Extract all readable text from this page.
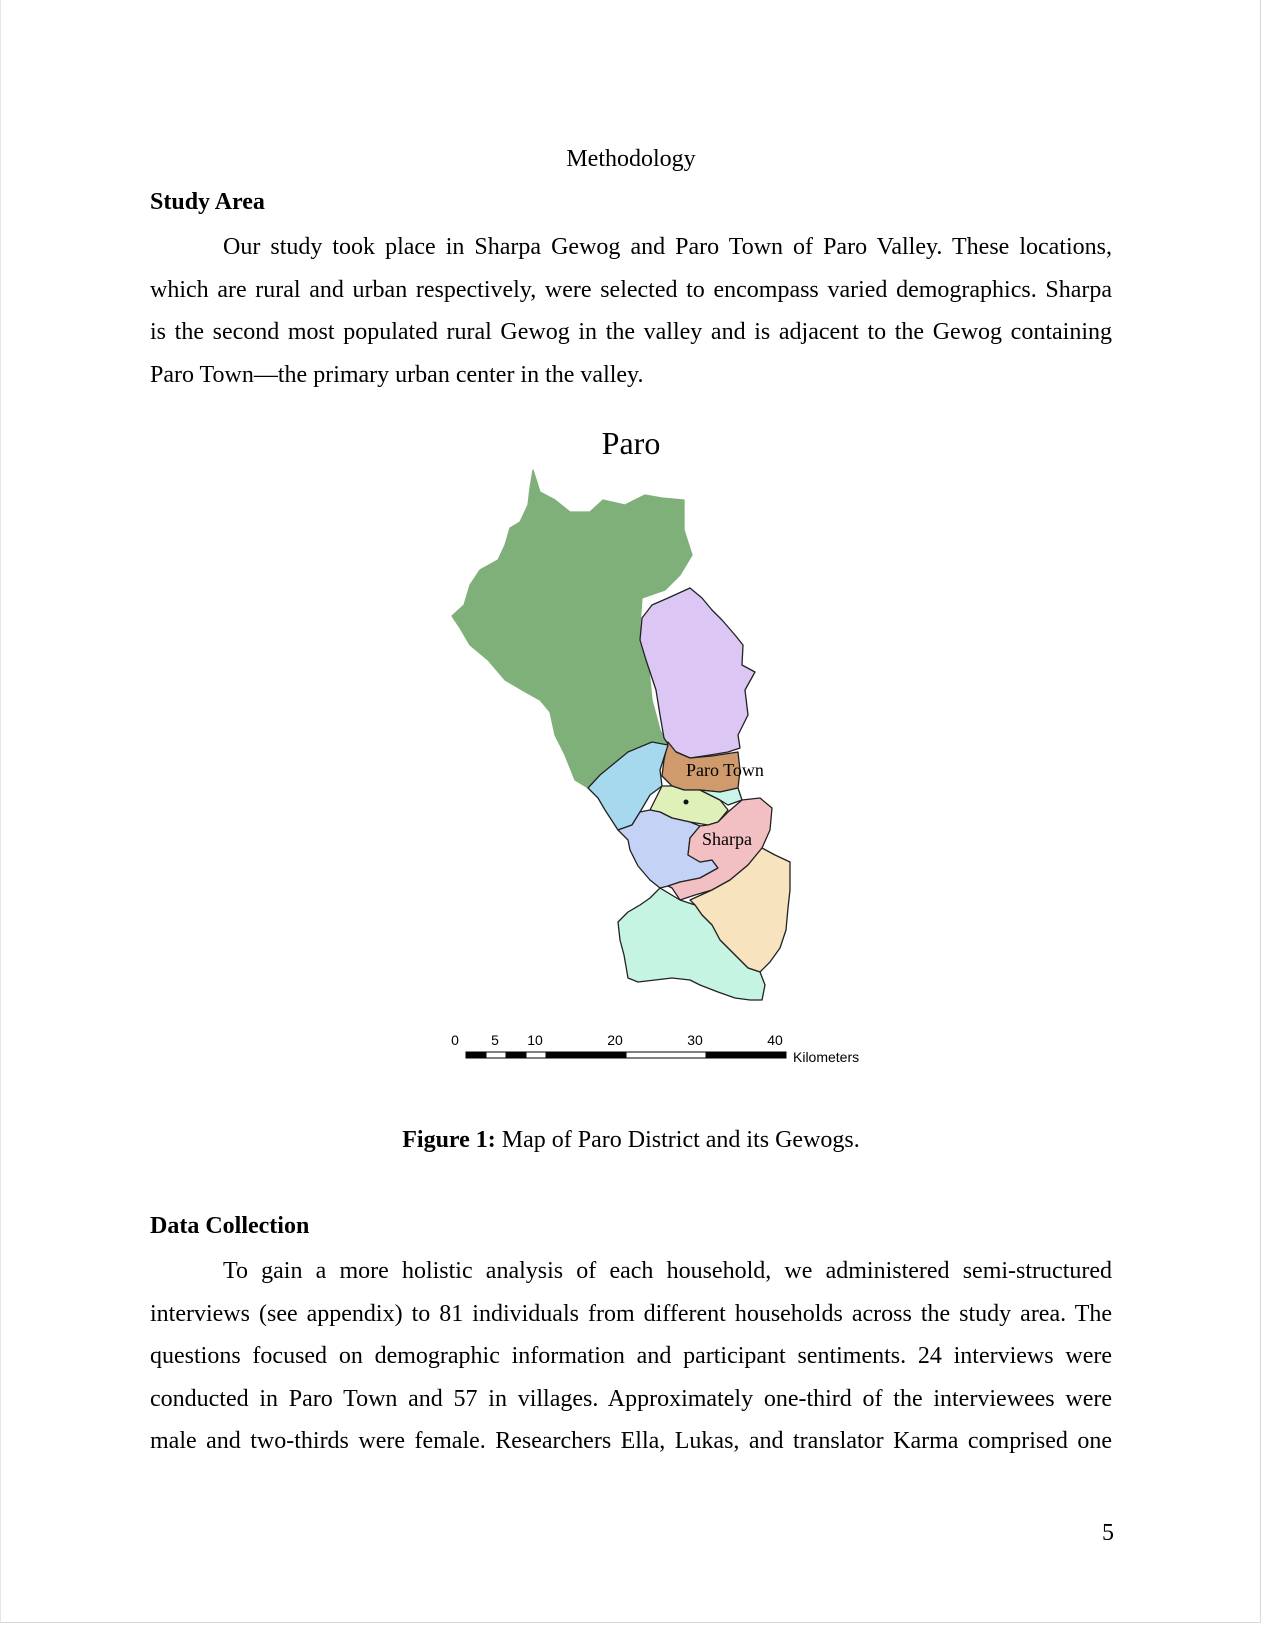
Methodology
Study Area
Our study took place in Sharpa Gewog and Paro Town of Paro Valley. These locations,
which are rural and urban respectively, were selected to encompass varied demographics. Sharpa
is the second most populated rural Gewog in the valley and is adjacent to the Gewog containing
Paro Town—the primary urban center in the valley.
Paro
Paro Town
Sharpa
0 5 10	20	30	40
Kilometers
Figure 1: Map of Paro District and its Gewogs.
Data Collection
To gain a more holistic analysis of each household, we administered semi-structured
interviews (see appendix) to 81 individuals from different households across the study area. The
questions focused on demographic information and participant sentiments. 24 interviews were
conducted in Paro Town and 57 in villages. Approximately one-third of the interviewees were
male and two-thirds were female. Researchers Ella, Lukas, and translator Karma comprised one
5
